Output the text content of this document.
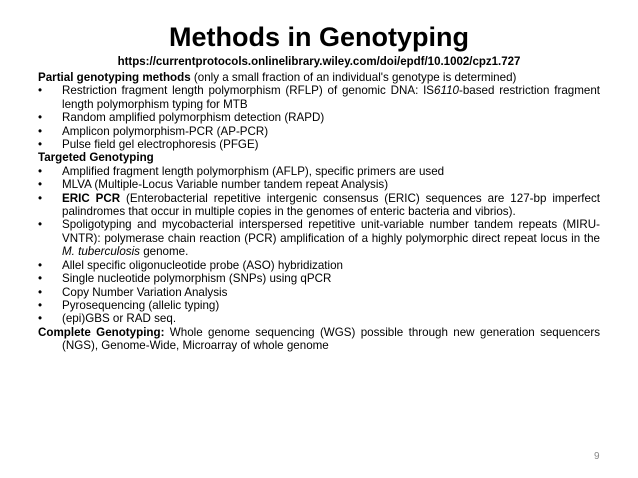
Methods in Genotyping
https://currentprotocols.onlinelibrary.wiley.com/doi/epdf/10.1002/cpz1.727
Partial genotyping methods (only a small fraction of an individual's genotype is determined)
• Restriction fragment length polymorphism (RFLP) of genomic DNA: IS6110-based restriction fragment length polymorphism typing for MTB
• Random amplified polymorphism detection (RAPD)
• Amplicon polymorphism-PCR (AP-PCR)
• Pulse field gel electrophoresis (PFGE)
Targeted Genotyping
• Amplified fragment length polymorphism (AFLP), specific primers are used
• MLVA (Multiple-Locus Variable number tandem repeat Analysis)
• ERIC PCR (Enterobacterial repetitive intergenic consensus (ERIC) sequences are 127-bp imperfect palindromes that occur in multiple copies in the genomes of enteric bacteria and vibrios).
• Spoligotyping and mycobacterial interspersed repetitive unit-variable number tandem repeats (MIRU-VNTR): polymerase chain reaction (PCR) amplification of a highly polymorphic direct repeat locus in the M. tuberculosis genome.
• Allel specific oligonucleotide probe (ASO) hybridization
• Single nucleotide polymorphism (SNPs) using qPCR
• Copy Number Variation Analysis
• Pyrosequencing (allelic typing)
• (epi)GBS or RAD seq.
Complete Genotyping: Whole genome sequencing (WGS) possible through new generation sequencers (NGS), Genome-Wide, Microarray of whole genome
9
